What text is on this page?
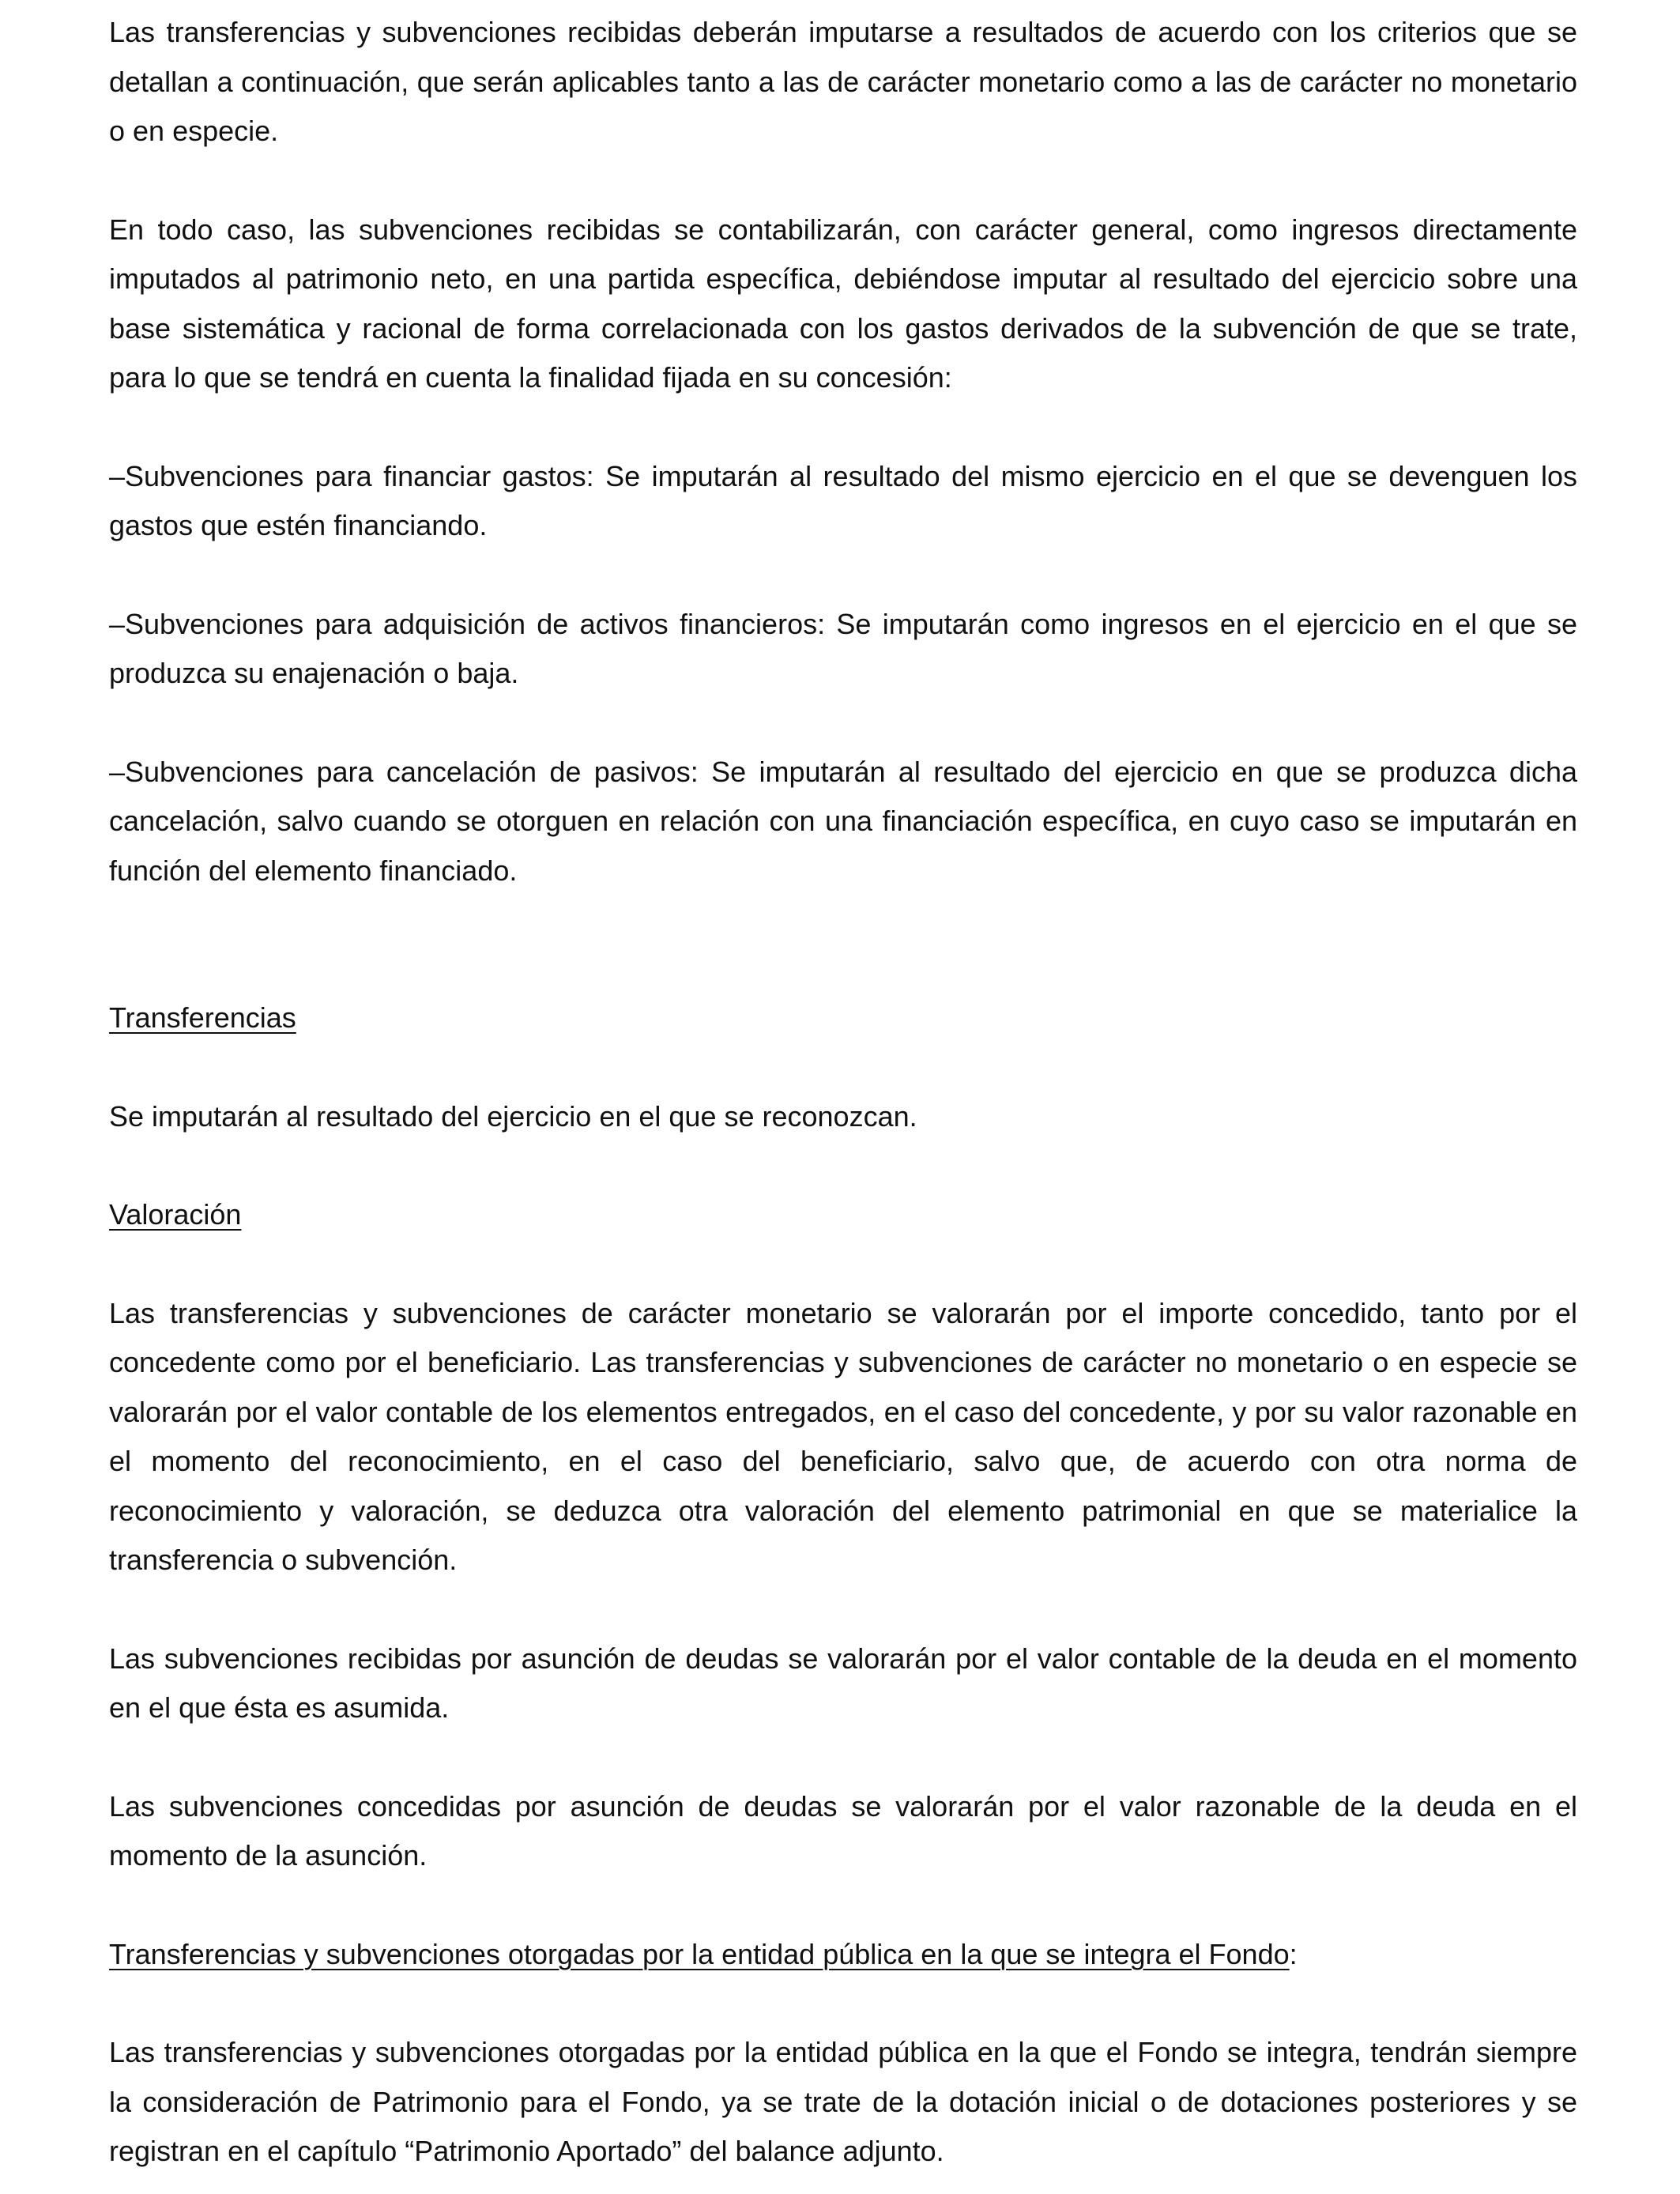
Las transferencias y subvenciones recibidas deberán imputarse a resultados de acuerdo con los criterios que se detallan a continuación, que serán aplicables tanto a las de carácter monetario como a las de carácter no monetario o en especie.

En todo caso, las subvenciones recibidas se contabilizarán, con carácter general, como ingresos directamente imputados al patrimonio neto, en una partida específica, debiéndose imputar al resultado del ejercicio sobre una base sistemática y racional de forma correlacionada con los gastos derivados de la subvención de que se trate, para lo que se tendrá en cuenta la finalidad fijada en su concesión:

–Subvenciones para financiar gastos: Se imputarán al resultado del mismo ejercicio en el que se devenguen los gastos que estén financiando.

–Subvenciones para adquisición de activos financieros: Se imputarán como ingresos en el ejercicio en el que se produzca su enajenación o baja.

–Subvenciones para cancelación de pasivos: Se imputarán al resultado del ejercicio en que se produzca dicha cancelación, salvo cuando se otorguen en relación con una financiación específica, en cuyo caso se imputarán en función del elemento financiado.

Transferencias

Se imputarán al resultado del ejercicio en el que se reconozcan.

Valoración

Las transferencias y subvenciones de carácter monetario se valorarán por el importe concedido, tanto por el concedente como por el beneficiario. Las transferencias y subvenciones de carácter no monetario o en especie se valorarán por el valor contable de los elementos entregados, en el caso del concedente, y por su valor razonable en el momento del reconocimiento, en el caso del beneficiario, salvo que, de acuerdo con otra norma de reconocimiento y valoración, se deduzca otra valoración del elemento patrimonial en que se materialice la transferencia o subvención.

Las subvenciones recibidas por asunción de deudas se valorarán por el valor contable de la deuda en el momento en el que ésta es asumida.

Las subvenciones concedidas por asunción de deudas se valorarán por el valor razonable de la deuda en el momento de la asunción.

Transferencias y subvenciones otorgadas por la entidad pública en la que se integra el Fondo:

Las transferencias y subvenciones otorgadas por la entidad pública en la que el Fondo se integra, tendrán siempre la consideración de Patrimonio para el Fondo, ya se trate de la dotación inicial o de dotaciones posteriores y se registran en el capítulo “Patrimonio Aportado” del balance adjunto.
